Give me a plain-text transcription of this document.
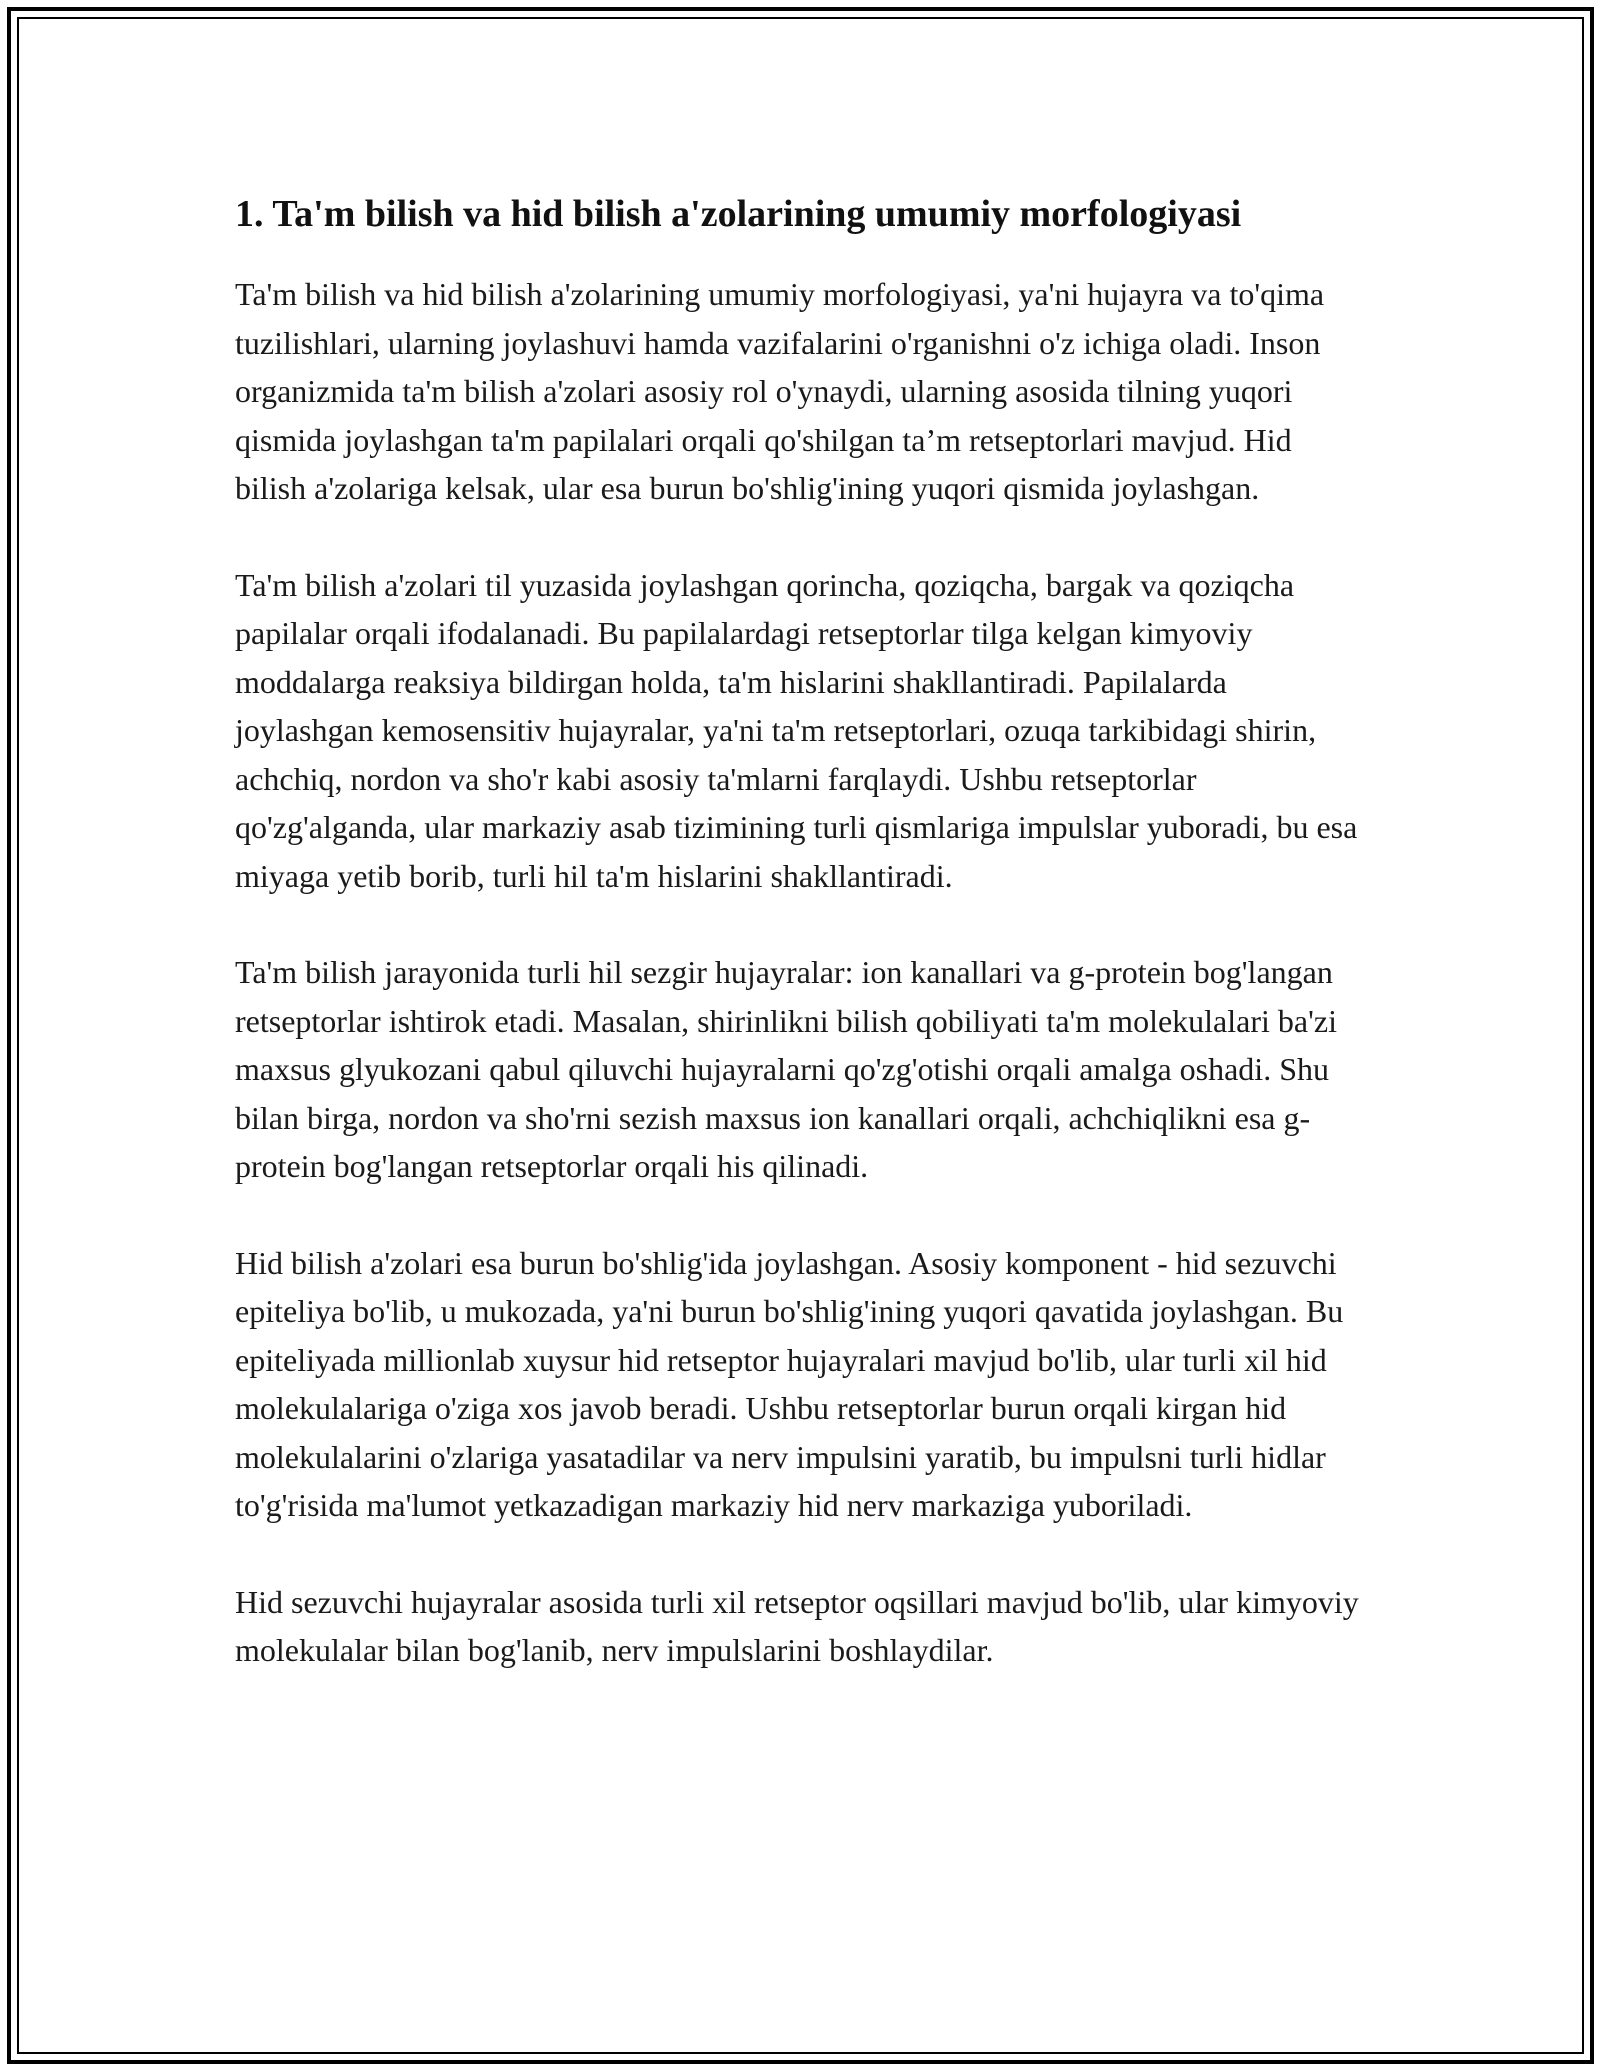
1. Ta'm bilish va hid bilish a'zolarining umumiy morfologiyasi

Ta'm bilish va hid bilish a'zolarining umumiy morfologiyasi, ya'ni hujayra va to'qima tuzilishlari, ularning joylashuvi hamda vazifalarini o'rganishni o'z ichiga oladi. Inson organizmida ta'm bilish a'zolari asosiy rol o'ynaydi, ularning asosida tilning yuqori qismida joylashgan ta'm papilalari orqali qo'shilgan ta’m retseptorlari mavjud. Hid bilish a'zolariga kelsak, ular esa burun bo'shlig'ining yuqori qismida joylashgan.

Ta'm bilish a'zolari til yuzasida joylashgan qorincha, qoziqcha, bargak va qoziqcha papilalar orqali ifodalanadi. Bu papilalardagi retseptorlar tilga kelgan kimyoviy moddalarga reaksiya bildirgan holda, ta'm hislarini shakllantiradi. Papilalarda joylashgan kemosensitiv hujayralar, ya'ni ta'm retseptorlari, ozuqa tarkibidagi shirin, achchiq, nordon va sho'r kabi asosiy ta'mlarni farqlaydi. Ushbu retseptorlar qo'zg'alganda, ular markaziy asab tizimining turli qismlariga impulslar yuboradi, bu esa miyaga yetib borib, turli hil ta'm hislarini shakllantiradi.

Ta'm bilish jarayonida turli hil sezgir hujayralar: ion kanallari va g-protein bog'langan retseptorlar ishtirok etadi. Masalan, shirinlikni bilish qobiliyati ta'm molekulalari ba'zi maxsus glyukozani qabul qiluvchi hujayralarni qo'zg'otishi orqali amalga oshadi. Shu bilan birga, nordon va sho'rni sezish maxsus ion kanallari orqali, achchiqlikni esa g-protein bog'langan retseptorlar orqali his qilinadi.

Hid bilish a'zolari esa burun bo'shlig'ida joylashgan. Asosiy komponent - hid sezuvchi epiteliya bo'lib, u mukozada, ya'ni burun bo'shlig'ining yuqori qavatida joylashgan. Bu epiteliyada millionlab xuysur hid retseptor hujayralari mavjud bo'lib, ular turli xil hid molekulalariga o'ziga xos javob beradi. Ushbu retseptorlar burun orqali kirgan hid molekulalarini o'zlariga yasatadilar va nerv impulsini yaratib, bu impulsni turli hidlar to'g'risida ma'lumot yetkazadigan markaziy hid nerv markaziga yuboriladi.

Hid sezuvchi hujayralar asosida turli xil retseptor oqsillari mavjud bo'lib, ular kimyoviy molekulalar bilan bog'lanib, nerv impulslarini boshlaydilar.
